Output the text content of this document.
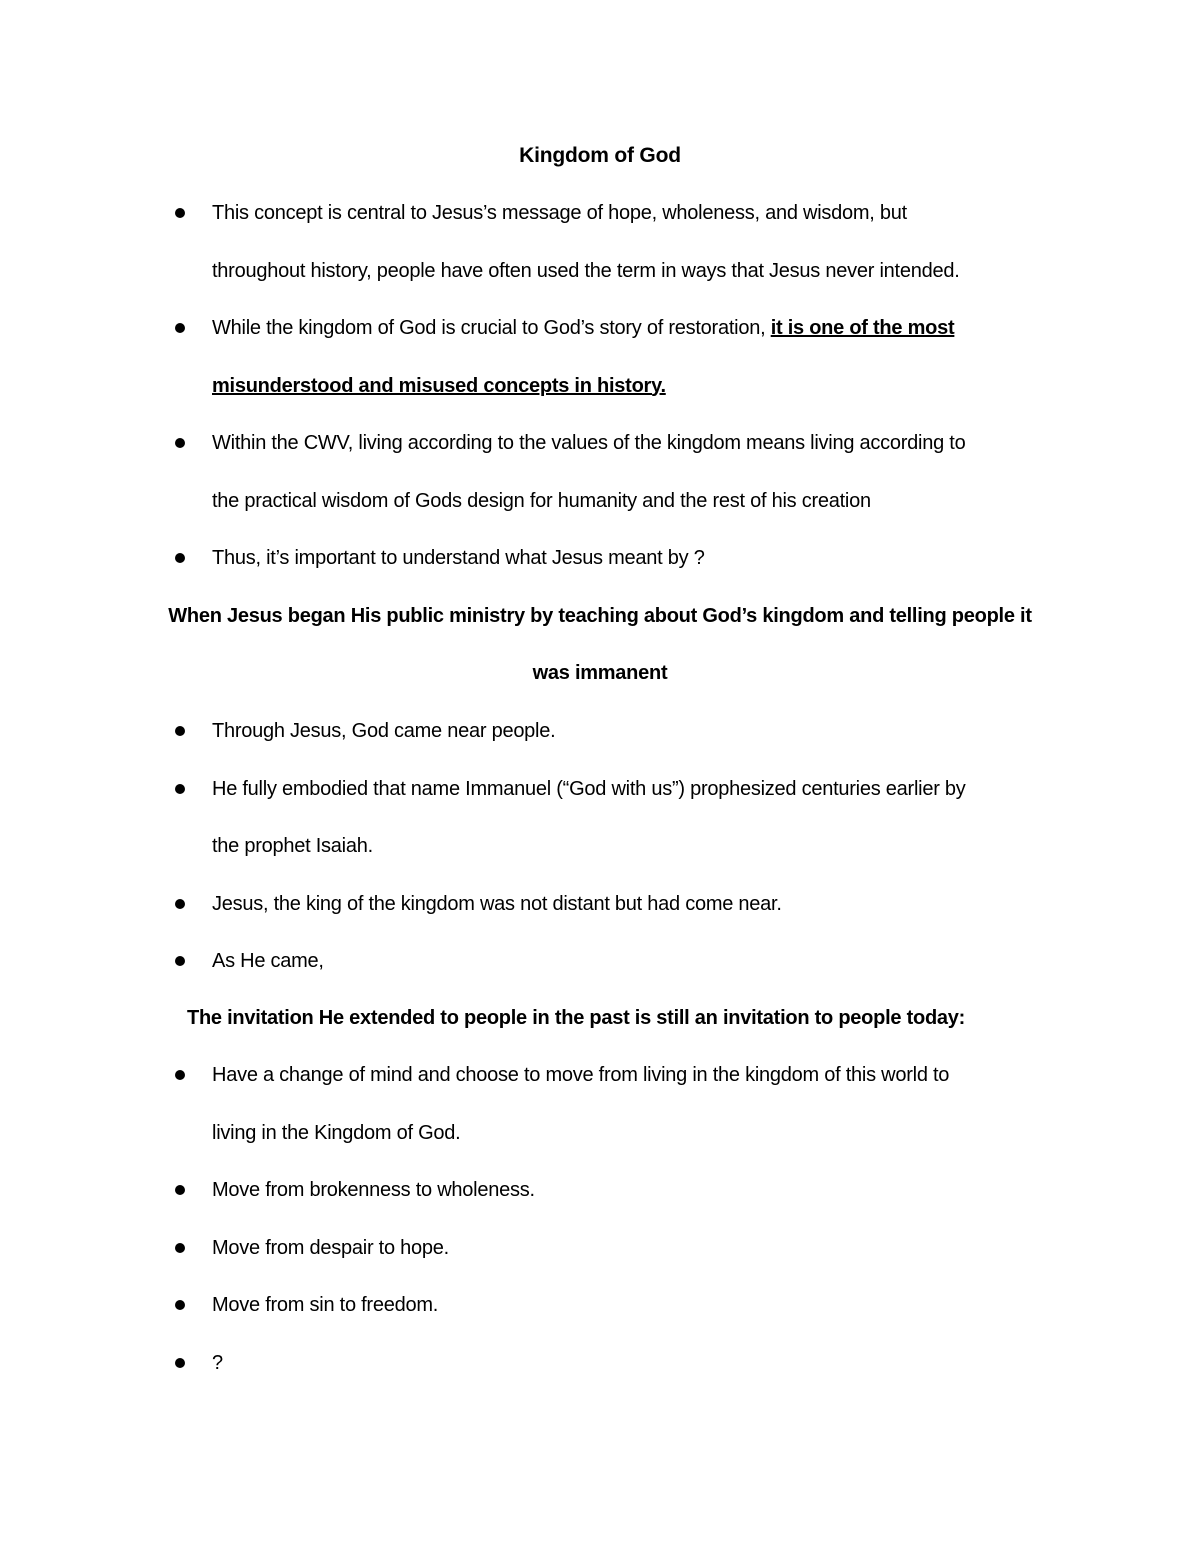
Kingdom of God
This concept is central to Jesus’s message of hope, wholeness, and wisdom, but
throughout history, people have often used the term in ways that Jesus never intended.
While the kingdom of God is crucial to God’s story of restoration, it is one of the most
misunderstood and misused concepts in history.
Within the CWV, living according to the values of the kingdom means living according to
the practical wisdom of Gods design for humanity and the rest of his creation
Thus, it’s important to understand what Jesus meant by ?
When Jesus began His public ministry by teaching about God’s kingdom and telling people it
was immanent
Through Jesus, God came near people.
He fully embodied that name Immanuel (“God with us”) prophesized centuries earlier by
the prophet Isaiah.
Jesus, the king of the kingdom was not distant but had come near.
As He came,
The invitation He extended to people in the past is still an invitation to people today:
Have a change of mind and choose to move from living in the kingdom of this world to
living in the Kingdom of God.
Move from brokenness to wholeness.
Move from despair to hope.
Move from sin to freedom.
?
